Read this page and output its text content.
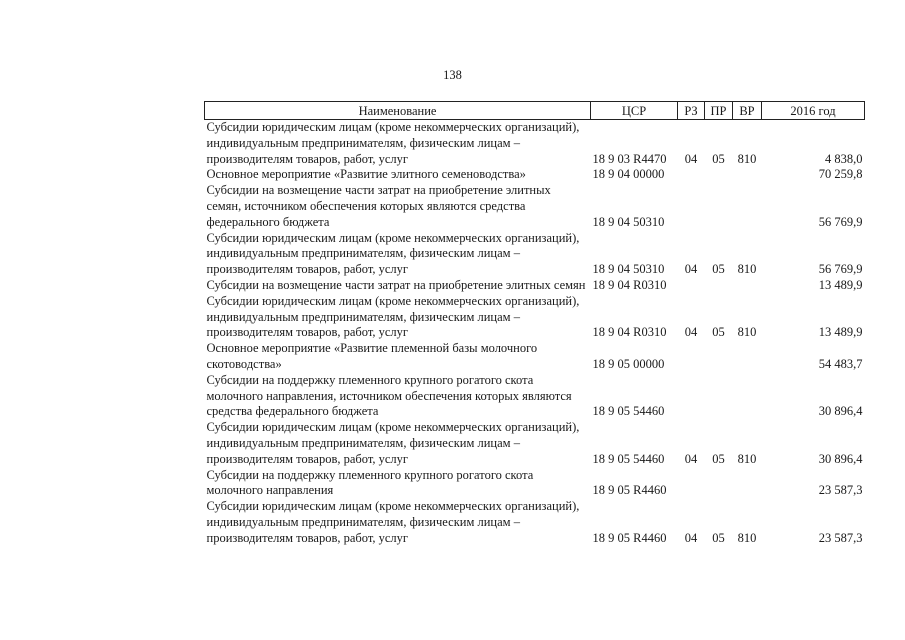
138
Наименование	ЦСР	РЗ	ПР	ВР	2016 год
Субсидии юридическим лицам (кроме некоммерческих организаций), индивидуальным предпринимателям, физическим лицам – производителям товаров, работ, услуг	18 9 03 R4470	04	05	810	4 838,0
Основное мероприятие «Развитие элитного семеноводства»	18 9 04 00000				70 259,8
Субсидии на возмещение части затрат на приобретение элитных семян, источником обеспечения которых являются средства федерального бюджета	18 9 04 50310				56 769,9
Субсидии юридическим лицам (кроме некоммерческих организаций), индивидуальным предпринимателям, физическим лицам – производителям товаров, работ, услуг	18 9 04 50310	04	05	810	56 769,9
Субсидии на возмещение части затрат на приобретение элитных семян	18 9 04 R0310				13 489,9
Субсидии юридическим лицам (кроме некоммерческих организаций), индивидуальным предпринимателям, физическим лицам – производителям товаров, работ, услуг	18 9 04 R0310	04	05	810	13 489,9
Основное мероприятие «Развитие племенной базы молочного скотоводства»	18 9 05 00000				54 483,7
Субсидии на поддержку племенного крупного рогатого скота молочного направления, источником обеспечения которых являются средства федерального бюджета	18 9 05 54460				30 896,4
Субсидии юридическим лицам (кроме некоммерческих организаций), индивидуальным предпринимателям, физическим лицам – производителям товаров, работ, услуг	18 9 05 54460	04	05	810	30 896,4
Субсидии на поддержку племенного крупного рогатого скота молочного направления	18 9 05 R4460				23 587,3
Субсидии юридическим лицам (кроме некоммерческих организаций), индивидуальным предпринимателям, физическим лицам – производителям товаров, работ, услуг	18 9 05 R4460	04	05	810	23 587,3
